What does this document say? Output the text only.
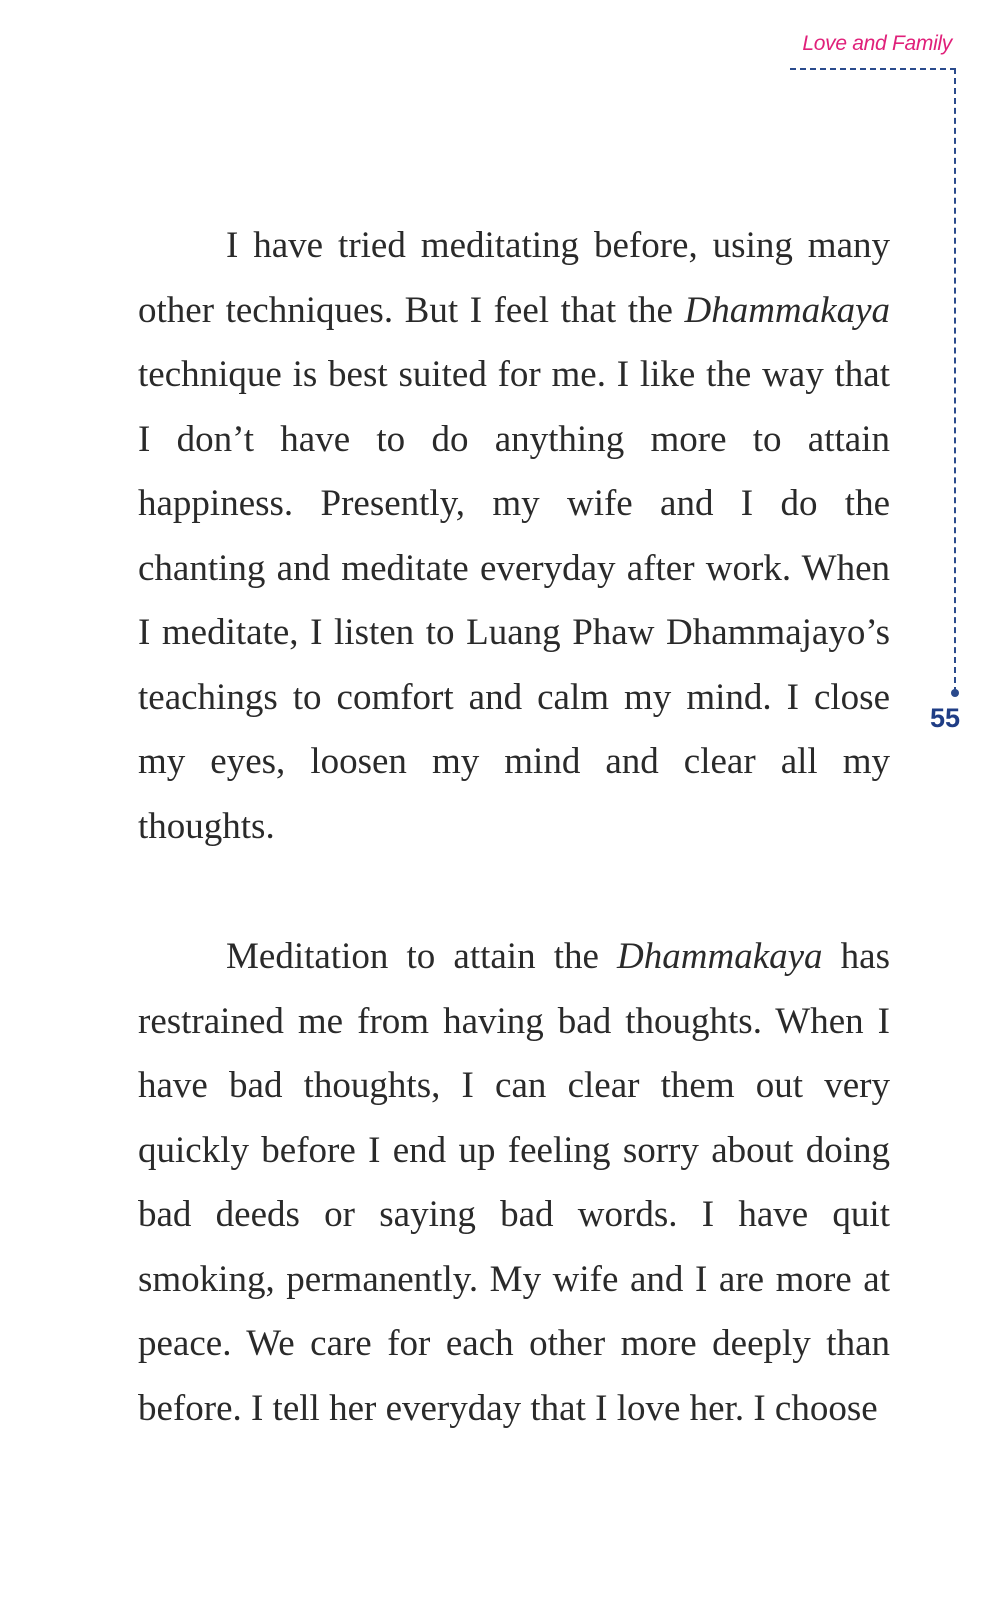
Love and Family
55

I have tried meditating before, using many other techniques. But I feel that the Dhammakaya technique is best suited for me. I like the way that I don’t have to do anything more to attain happiness. Presently, my wife and I do the chanting and meditate everyday after work. When I meditate, I listen to Luang Phaw Dhammajayo’s teachings to comfort and calm my mind. I close my eyes, loosen my mind and clear all my thoughts.

Meditation to attain the Dhammakaya has restrained me from having bad thoughts. When I have bad thoughts, I can clear them out very quickly before I end up feeling sorry about doing bad deeds or saying bad words. I have quit smoking, permanently. My wife and I are more at peace. We care for each other more deeply than before. I tell her everyday that I love her. I choose
